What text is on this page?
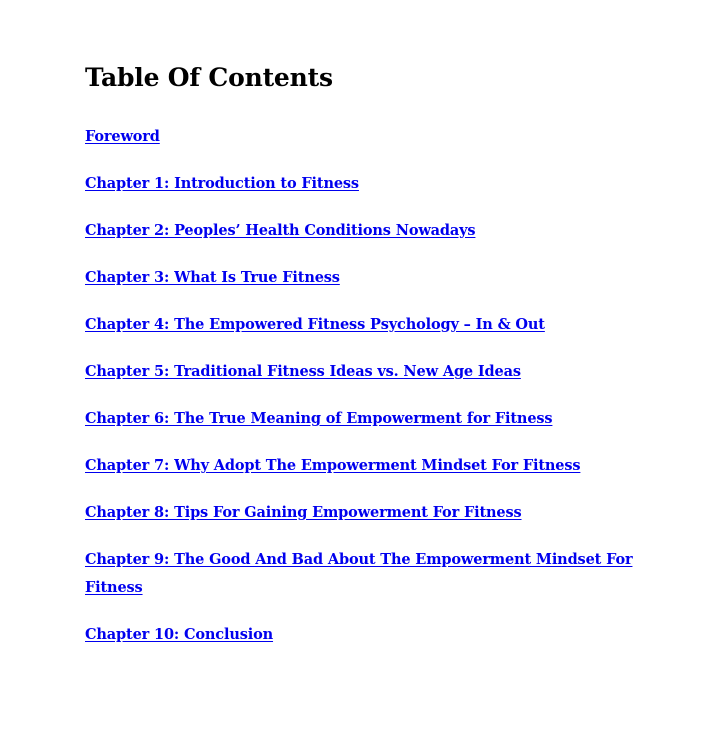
Table Of Contents
Foreword
Chapter 1: Introduction to Fitness
Chapter 2: Peoples’ Health Conditions Nowadays
Chapter 3: What Is True Fitness
Chapter 4: The Empowered Fitness Psychology – In & Out
Chapter 5: Traditional Fitness Ideas vs. New Age Ideas
Chapter 6: The True Meaning of Empowerment for Fitness
Chapter 7: Why Adopt The Empowerment Mindset For Fitness
Chapter 8: Tips For Gaining Empowerment For Fitness
Chapter 9: The Good And Bad About The Empowerment Mindset For Fitness
Chapter 10: Conclusion
